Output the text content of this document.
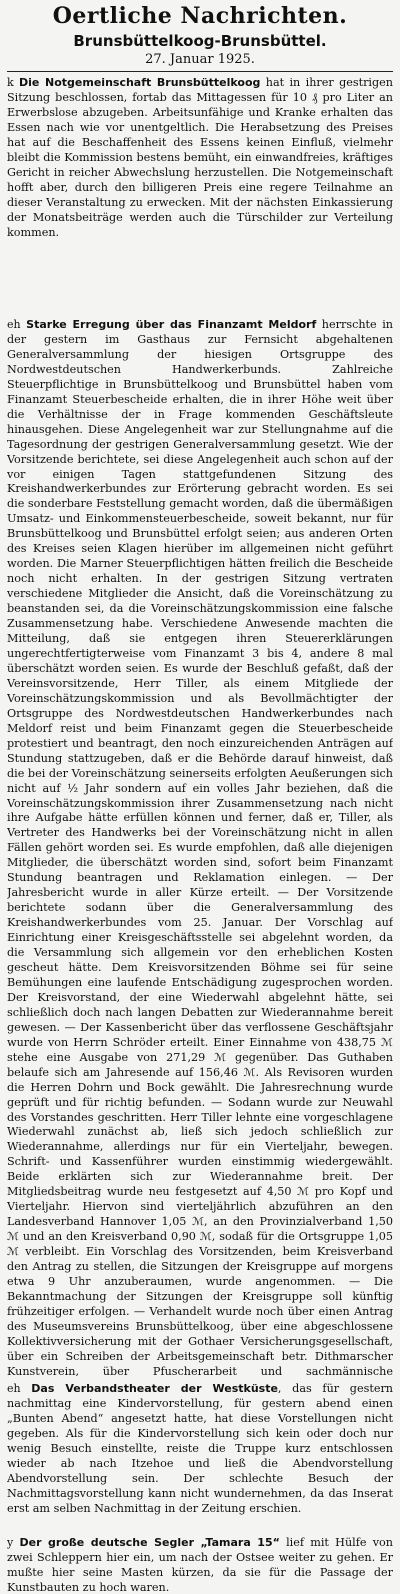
Oertliche Nachrichten.
Brunsbüttelkoog-Brunsbüttel.
27. Januar 1925.

k Die Notgemeinschaft Brunsbüttelkoog hat in ihrer gestrigen Sitzung beschlossen, fortab das Mittagessen für 10 ₰ pro Liter an Erwerbslose abzugeben. Arbeitsunfähige und Kranke erhalten das Essen nach wie vor unentgeltlich. Die Herabsetzung des Preises hat auf die Beschaffenheit des Essens keinen Einfluß, vielmehr bleibt die Kommission bestens bemüht, ein einwandfreies, kräftiges Gericht in reicher Abwechslung herzustellen. Die Notgemeinschaft hofft aber, durch den billigeren Preis eine regere Teilnahme an dieser Veranstaltung zu erwecken. Mit der nächsten Einkassierung der Monatsbeiträge werden auch die Türschilder zur Verteilung kommen.

eh Starke Erregung über das Finanzamt Meldorf herrschte in der gestern im Gasthaus zur Fernsicht abgehaltenen Generalversammlung der hiesigen Ortsgruppe des Nordwestdeutschen Handwerkerbunds. Zahlreiche Steuerpflichtige in Brunsbüttelkoog und Brunsbüttel haben vom Finanzamt Steuerbescheide erhalten, die in ihrer Höhe weit über die Verhältnisse der in Frage kommenden Geschäftsleute hinausgehen. Diese Angelegenheit war zur Stellungnahme auf die Tagesordnung der gestrigen Generalversammlung gesetzt. Wie der Vorsitzende berichtete, sei diese Angelegenheit auch schon auf der vor einigen Tagen stattgefundenen Sitzung des Kreishandwerkerbundes zur Erörterung gebracht worden. Es sei die sonderbare Feststellung gemacht worden, daß die übermäßigen Umsatz- und Einkommensteuerbescheide, soweit bekannt, nur für Brunsbüttelkoog und Brunsbüttel erfolgt seien; aus anderen Orten des Kreises seien Klagen hierüber im allgemeinen nicht geführt worden. Die Marner Steuerpflichtigen hätten freilich die Bescheide noch nicht erhalten. In der gestrigen Sitzung vertraten verschiedene Mitglieder die Ansicht, daß die Voreinschätzung zu beanstanden sei, da die Voreinschätzungskommission eine falsche Zusammensetzung habe. Verschiedene Anwesende machten die Mitteilung, daß sie entgegen ihren Steuererklärungen ungerechtfertigterweise vom Finanzamt 3 bis 4, andere 8 mal überschätzt worden seien. Es wurde der Beschluß gefaßt, daß der Vereinsvorsitzende, Herr Tiller, als einem Mitgliede der Voreinschätzungskommission und als Bevollmächtigter der Ortsgruppe des Nordwestdeutschen Handwerkerbundes nach Meldorf reist und beim Finanzamt gegen die Steuerbescheide protestiert und beantragt, den noch einzureichenden Anträgen auf Stundung stattzugeben, daß er die Behörde darauf hinweist, daß die bei der Voreinschätzung seinerseits erfolgten Aeußerungen sich nicht auf ½ Jahr sondern auf ein volles Jahr beziehen, daß die Voreinschätzungskommission ihrer Zusammensetzung nach nicht ihre Aufgabe hätte erfüllen können und ferner, daß er, Tiller, als Vertreter des Handwerks bei der Voreinschätzung nicht in allen Fällen gehört worden sei. Es wurde empfohlen, daß alle diejenigen Mitglieder, die überschätzt worden sind, sofort beim Finanzamt Stundung beantragen und Reklamation einlegen. — Der Jahresbericht wurde in aller Kürze erteilt. — Der Vorsitzende berichtete sodann über die Generalversammlung des Kreishandwerkerbundes vom 25. Januar. Der Vorschlag auf Einrichtung einer Kreisgeschäftsstelle sei abgelehnt worden, da die Versammlung sich allgemein vor den erheblichen Kosten gescheut hätte. Dem Kreisvorsitzenden Böhme sei für seine Bemühungen eine laufende Entschädigung zugesprochen worden. Der Kreisvorstand, der eine Wiederwahl abgelehnt hätte, sei schließlich doch nach langen Debatten zur Wiederannahme bereit gewesen. — Der Kassenbericht über das verflossene Geschäftsjahr wurde von Herrn Schröder erteilt. Einer Einnahme von 438,75 ℳ stehe eine Ausgabe von 271,29 ℳ gegenüber. Das Guthaben belaufe sich am Jahresende auf 156,46 ℳ. Als Revisoren wurden die Herren Dohrn und Bock gewählt. Die Jahresrechnung wurde geprüft und für richtig befunden. — Sodann wurde zur Neuwahl des Vorstandes geschritten. Herr Tiller lehnte eine vorgeschlagene Wiederwahl zunächst ab, ließ sich jedoch schließlich zur Wiederannahme, allerdings nur für ein Vierteljahr, bewegen. Schrift- und Kassenführer wurden einstimmig wiedergewählt. Beide erklärten sich zur Wiederannahme breit. Der Mitgliedsbeitrag wurde neu festgesetzt auf 4,50 ℳ pro Kopf und Vierteljahr. Hiervon sind vierteljährlich abzuführen an den Landesverband Hannover 1,05 ℳ, an den Provinzialverband 1,50 ℳ und an den Kreisverband 0,90 ℳ, sodaß für die Ortsgruppe 1,05 ℳ verbleibt. Ein Vorschlag des Vorsitzenden, beim Kreisverband den Antrag zu stellen, die Sitzungen der Kreisgruppe auf morgens etwa 9 Uhr anzuberaumen, wurde angenommen. — Die Bekanntmachung der Sitzungen der Kreisgruppe soll künftig frühzeitiger erfolgen. — Verhandelt wurde noch über einen Antrag des Museumsvereins Brunsbüttelkoog, über eine abgeschlossene Kollektivversicherung mit der Gothaer Versicherungsgesellschaft, über ein Schreiben der Arbeitsgemeinschaft betr. Dithmarscher Kunstverein, über Pfuscherarbeit und sachmännische

eh Das Verbandstheater der Westküste, das für gestern nachmittag eine Kindervorstellung, für gestern abend einen „Bunten Abend“ angesetzt hatte, hat diese Vorstellungen nicht gegeben. Als für die Kindervorstellung sich kein oder doch nur wenig Besuch einstellte, reiste die Truppe kurz entschlossen wieder ab nach Itzehoe und ließ die Abendvorstellung Abendvorstellung sein. Der schlechte Besuch der Nachmittagsvorstellung kann nicht wundernehmen, da das Inserat erst am selben Nachmittag in der Zeitung erschien.

y Der große deutsche Segler „Tamara 15“ lief mit Hülfe von zwei Schleppern hier ein, um nach der Ostsee weiter zu gehen. Er mußte hier seine Masten kürzen, da sie für die Passage der Kunstbauten zu hoch waren.
